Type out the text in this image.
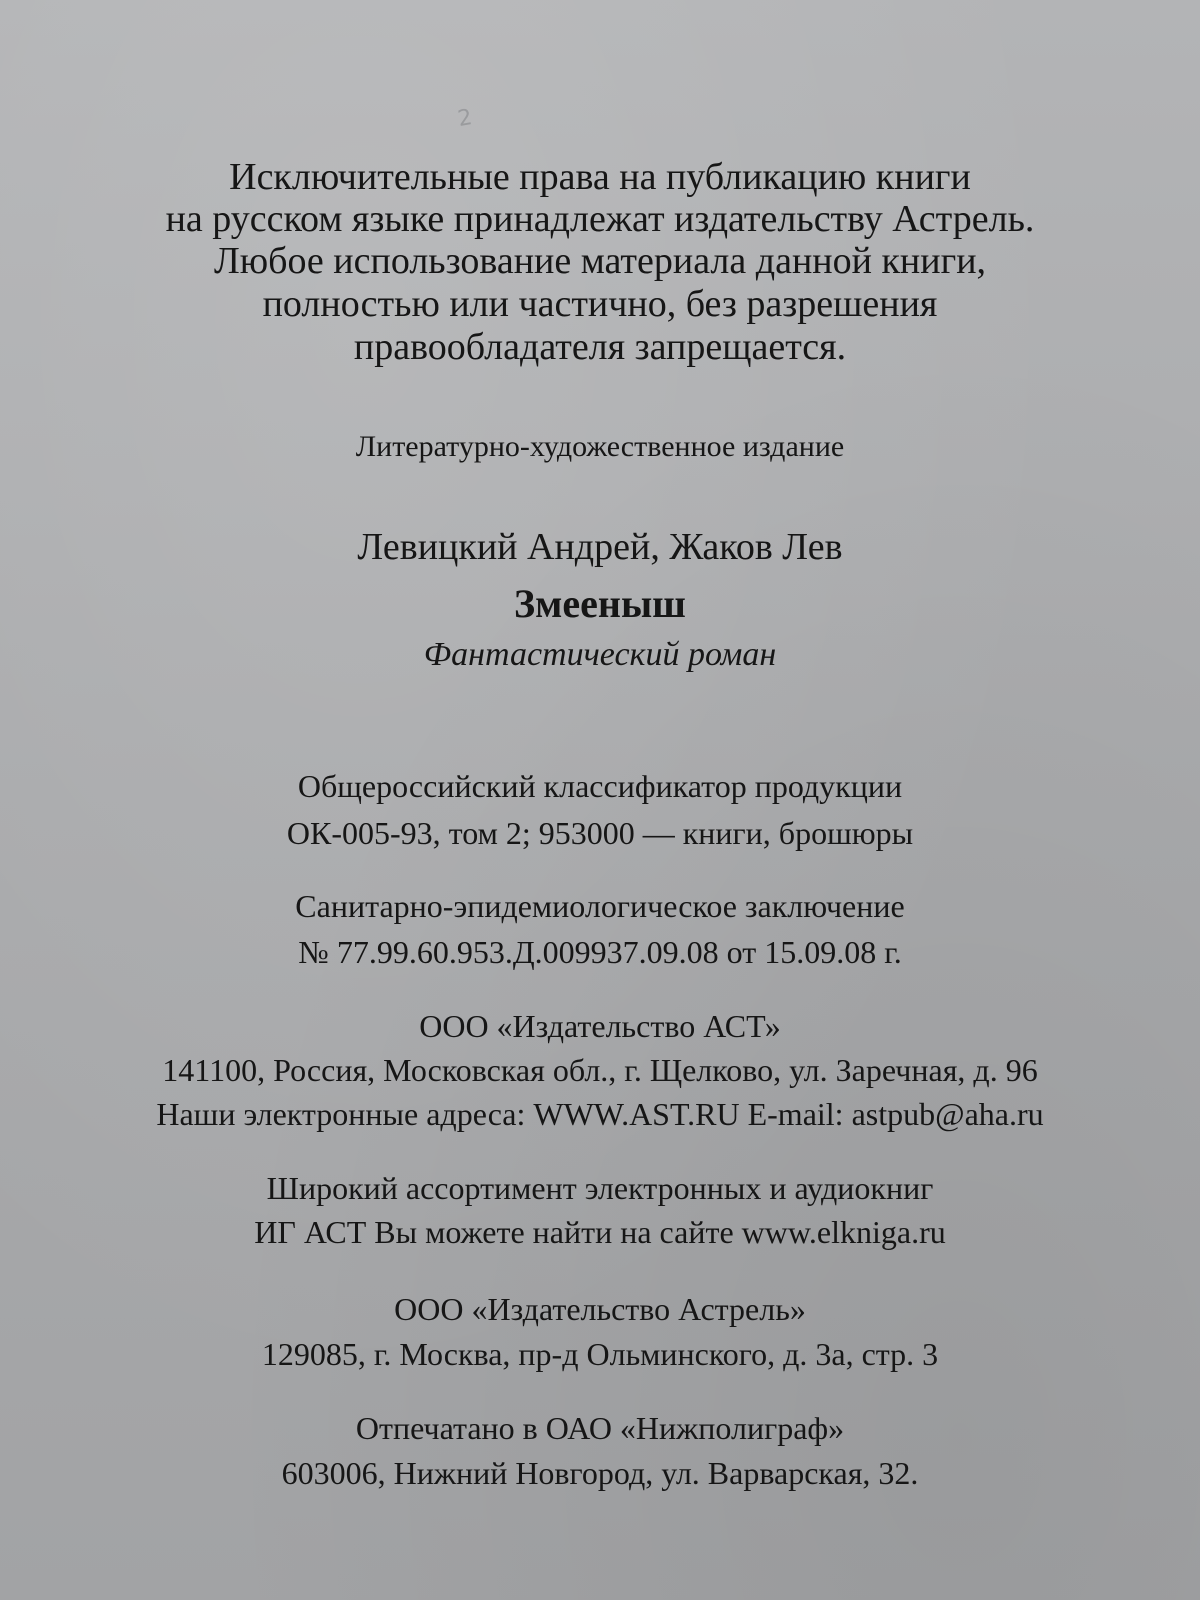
2
Исключительные права на публикацию книги
на русском языке принадлежат издательству Астрель.
Любое использование материала данной книги,
полностью или частично, без разрешения
правообладателя запрещается.
Литературно-художественное издание
Левицкий Андрей, Жаков Лев
Змееныш
Фантастический роман
Общероссийский классификатор продукции
ОК-005-93, том 2; 953000 — книги, брошюры
Санитарно-эпидемиологическое заключение
№ 77.99.60.953.Д.009937.09.08 от 15.09.08 г.
ООО «Издательство АСТ»
141100, Россия, Московская обл., г. Щелково, ул. Заречная, д. 96
Наши электронные адреса: WWW.AST.RU E-mail: astpub@aha.ru
Широкий ассортимент электронных и аудиокниг
ИГ АСТ Вы можете найти на сайте www.elkniga.ru
ООО «Издательство Астрель»
129085, г. Москва, пр-д Ольминского, д. 3а, стр. 3
Отпечатано в ОАО «Нижполиграф»
603006, Нижний Новгород, ул. Варварская, 32.
